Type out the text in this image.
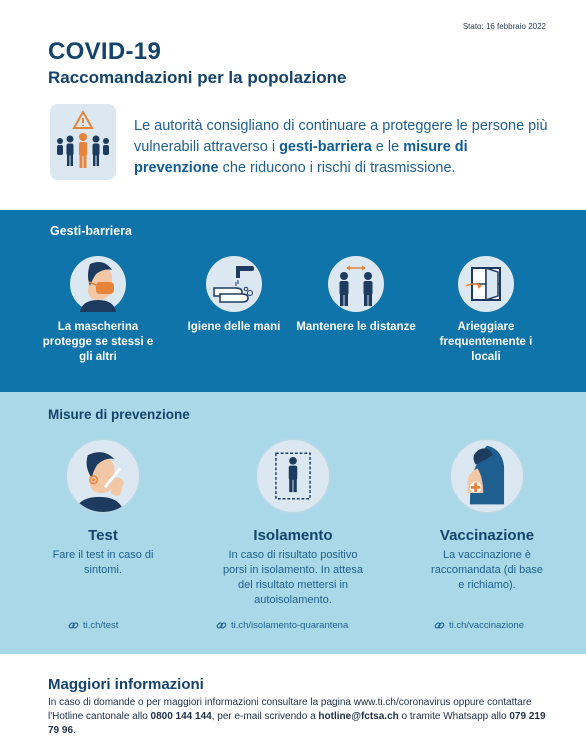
Stato: 16 febbraio 2022
COVID-19
Raccomandazioni per la popolazione

Le autorità consigliano di continuare a proteggere le persone più vulnerabili attraverso i gesti-barriera e le misure di prevenzione che riducono i rischi di trasmissione.

Gesti-barriera
La mascherina protegge se stessi e gli altri
Igiene delle mani	Mantenere le distanze	Arieggiare frequentemente i locali
Misure di prevenzione
Test
Fare il test in caso di sintomi.
Isolamento
In caso di risultato positivo porsi in isolamento. In attesa del risultato mettersi in autoisolamento.
Vaccinazione
La vaccinazione è raccomandata (di base e richiamo).
ti.ch/test	ti.ch/isolamento-quarantena	ti.ch/vaccinazione
Maggiori informazioni

In caso di domande o per maggiori informazioni consultare la pagina www.ti.ch/coronavirus oppure contattare l'Hotline cantonale allo 0800 144 144, per e-mail scrivendo a hotline@fctsa.ch o tramite Whatsapp allo 079 219 79 96.
